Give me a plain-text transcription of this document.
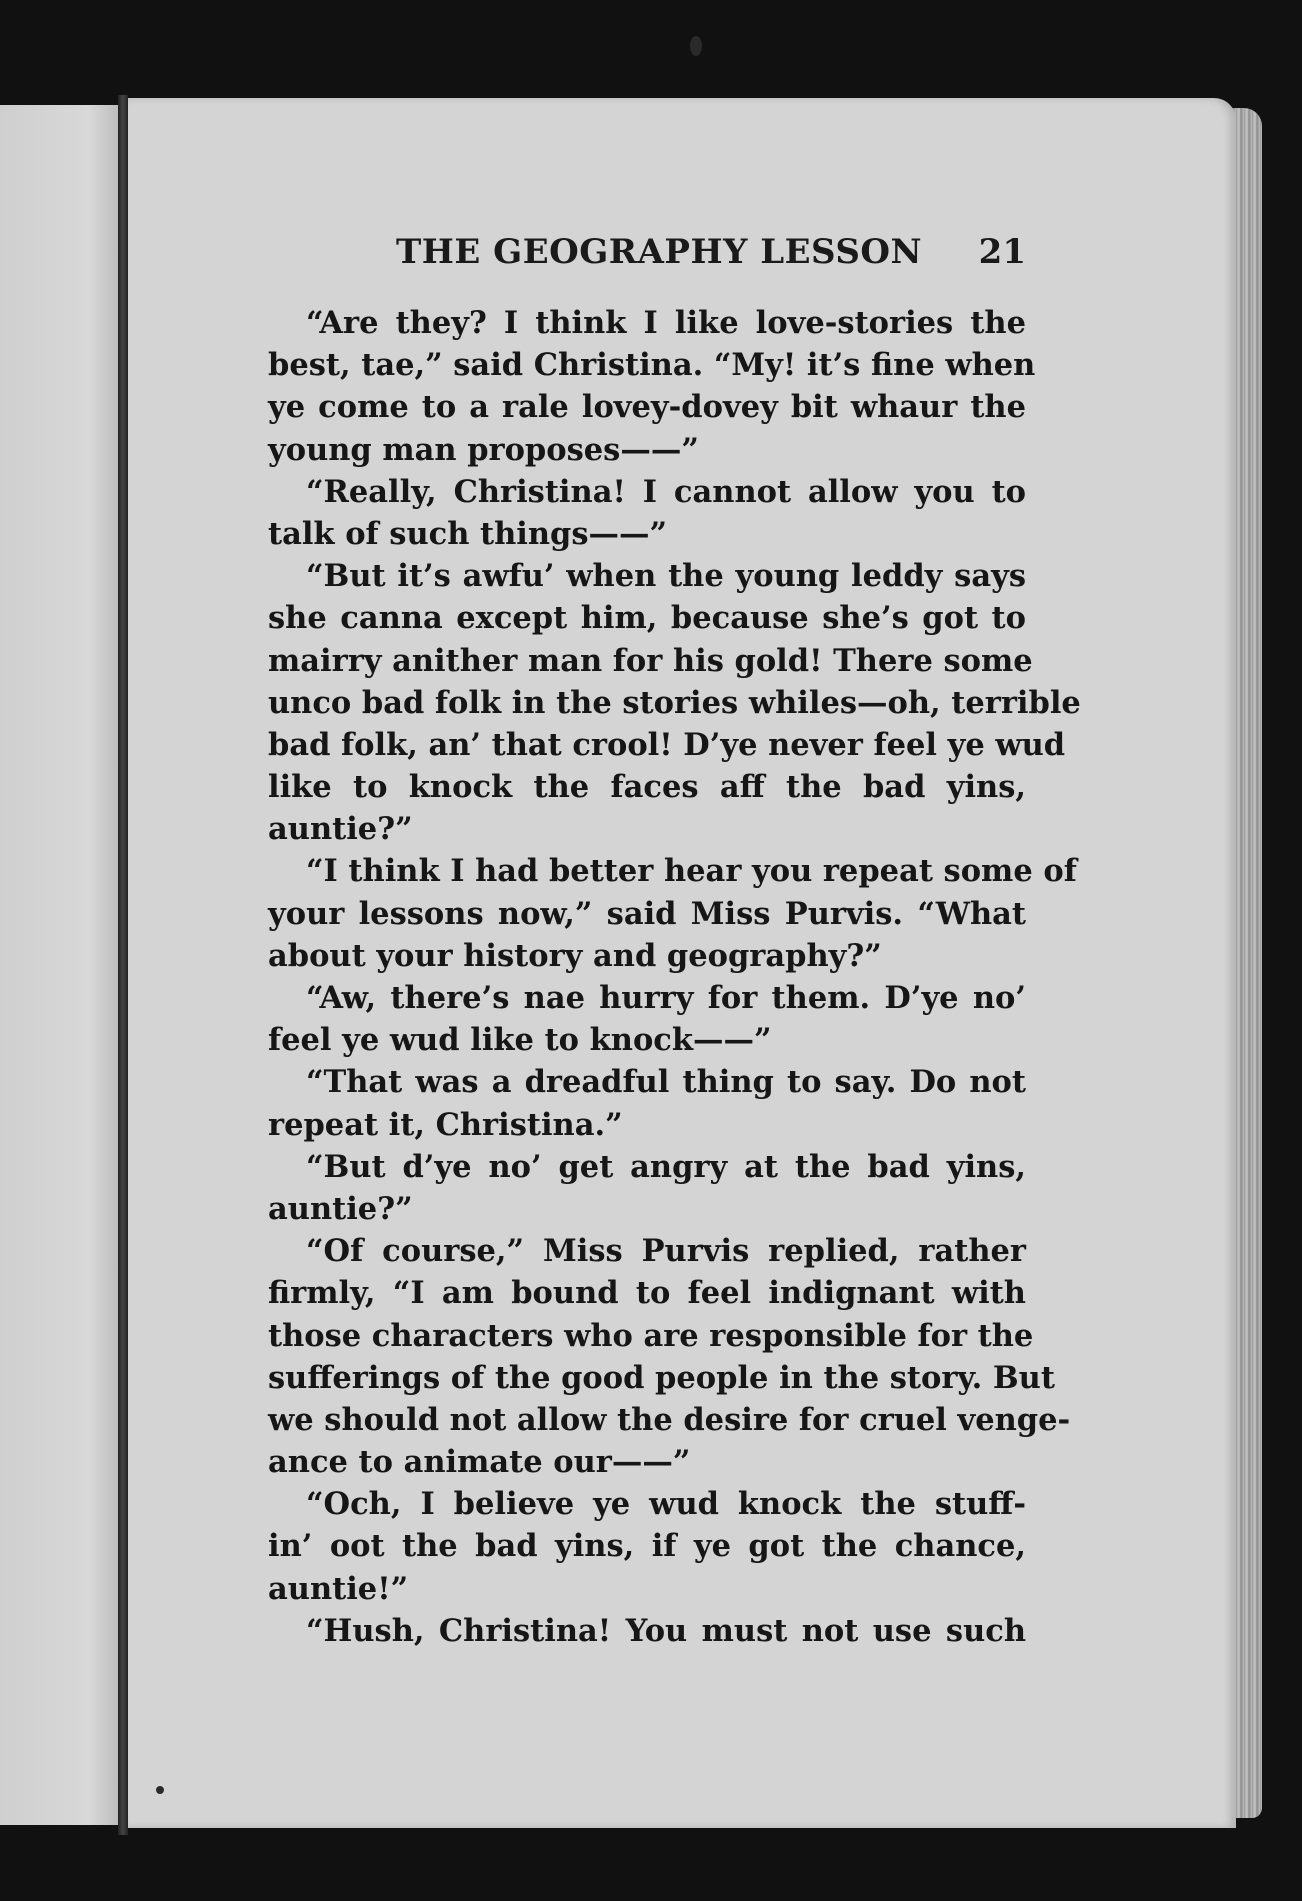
THE GEOGRAPHY LESSON 21
“Are they? I think I like love-stories the
best, tae,” said Christina. “My! it’s fine when
ye come to a rale lovey-dovey bit whaur the
young man proposes——”
“Really, Christina! I cannot allow you to
talk of such things——”
“But it’s awfu’ when the young leddy says
she canna except him, because she’s got to
mairry anither man for his gold! There some
unco bad folk in the stories whiles—oh, terrible
bad folk, an’ that crool! D’ye never feel ye wud
like to knock the faces aff the bad yins,
auntie?”
“I think I had better hear you repeat some of
your lessons now,” said Miss Purvis. “What
about your history and geography?”
“Aw, there’s nae hurry for them. D’ye no’
feel ye wud like to knock——”
“That was a dreadful thing to say. Do not
repeat it, Christina.”
“But d’ye no’ get angry at the bad yins,
auntie?”
“Of course,” Miss Purvis replied, rather
firmly, “I am bound to feel indignant with
those characters who are responsible for the
sufferings of the good people in the story. But
we should not allow the desire for cruel venge-
ance to animate our——”
“Och, I believe ye wud knock the stuff-
in’ oot the bad yins, if ye got the chance,
auntie!”
“Hush, Christina! You must not use such
